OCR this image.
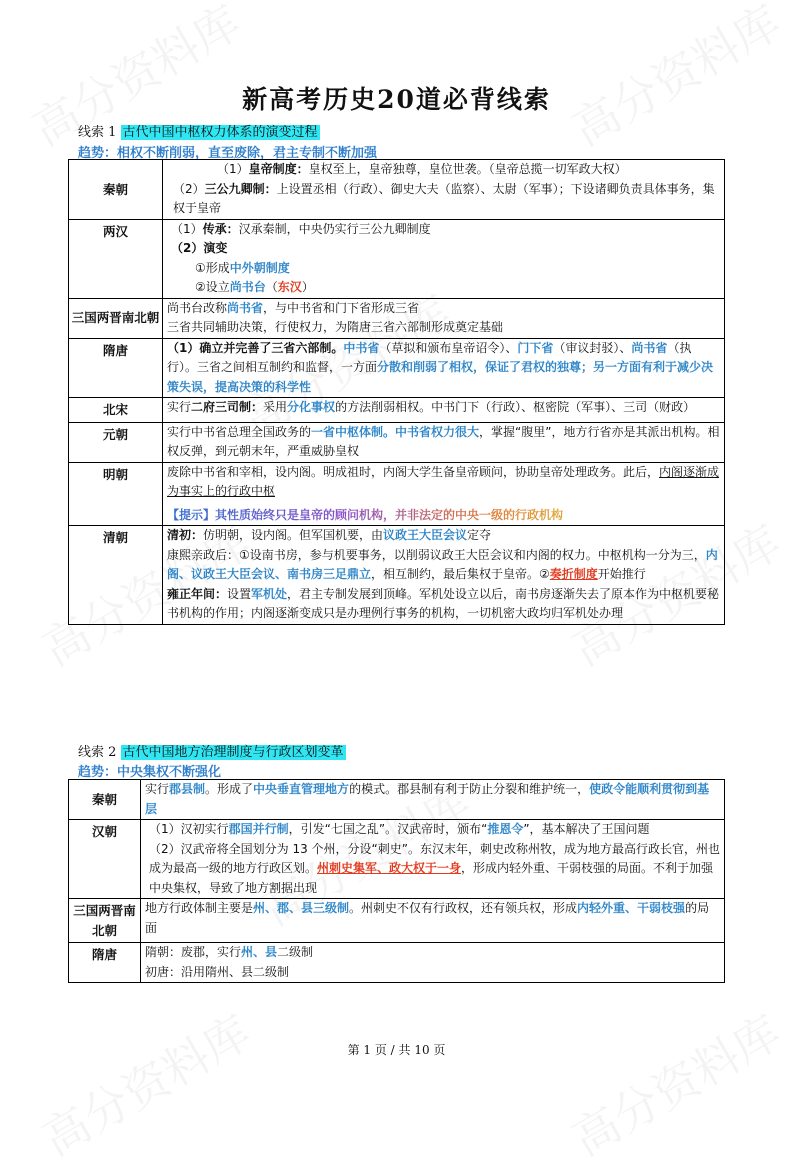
新高考历史20道必背线索
线索 1 古代中国中枢权力体系的演变过程
趋势：相权不断削弱，直至废除，君主专制不断加强
秦朝	（1）皇帝制度：皇权至上，皇帝独尊，皇位世袭。（皇帝总揽一切军政大权）
（2）三公九卿制：上设置丞相（行政）、御史大夫（监察）、太尉（军事）；下设诸卿负责具体事务，集权于皇帝

两汉	（1）传承：汉承秦制，中央仍实行三公九卿制度
（2）演变
①形成中外朝制度
②设立尚书台（东汉）

三国两晋南北朝	尚书台改称尚书省，与中书省和门下省形成三省
三省共同辅助决策，行使权力，为隋唐三省六部制形成奠定基础

隋唐	（1）确立并完善了三省六部制。中书省（草拟和颁布皇帝诏令）、门下省（审议封驳）、尚书省（执行）。三省之间相互制约和监督，一方面分散和削弱了相权，保证了君权的独尊；另一方面有利于减少决策失误，提高决策的科学性
北宋	实行二府三司制：采用分化事权的方法削弱相权。中书门下（行政）、枢密院（军事）、三司（财政）
元朝	实行中书省总理全国政务的一省中枢体制。中书省权力很大，掌握“腹里”，地方行省亦是其派出机构。相权反弹，到元朝末年，严重威胁皇权
明朝	废除中书省和宰相，设内阁。明成祖时，内阁大学生备皇帝顾问，协助皇帝处理政务。此后，内阁逐渐成为事实上的行政中枢
【提示】其性质始终只是皇帝的顾问机构，并非法定的中央一级的行政机构

清朝	清初：仿明朝，设内阁。但军国机要，由议政王大臣会议定夺
康熙亲政后：①设南书房，参与机要事务，以削弱议政王大臣会议和内阁的权力。中枢机构一分为三，内阁、议政王大臣会议、南书房三足鼎立，相互制约，最后集权于皇帝。②奏折制度开始推行
雍正年间：设置军机处，君主专制发展到顶峰。军机处设立以后，南书房逐渐失去了原本作为中枢机要秘书机构的作用；内阁逐渐变成只是办理例行事务的机构，一切机密大政均归军机处办理
线索 2 古代中国地方治理制度与行政区划变革
趋势：中央集权不断强化
秦朝	实行郡县制。形成了中央垂直管理地方的模式。郡县制有利于防止分裂和维护统一，使政令能顺利贯彻到基层
汉朝	（1）汉初实行郡国并行制，引发“七国之乱”。汉武帝时，颁布“推恩令”，基本解决了王国问题
（2）汉武帝将全国划分为 13 个州，分设“刺史”。东汉末年，刺史改称州牧，成为地方最高行政长官，州也成为最高一级的地方行政区划。州刺史集军、政大权于一身，形成内轻外重、干弱枝强的局面。不利于加强中央集权，导致了地方割据出现

三国两晋南北朝	地方行政体制主要是州、郡、县三级制。州刺史不仅有行政权，还有领兵权，形成内轻外重、干弱枝强的局面
隋唐	隋朝：废郡，实行州、县二级制
初唐：沿用隋州、县二级制
第 1 页 / 共 10 页
